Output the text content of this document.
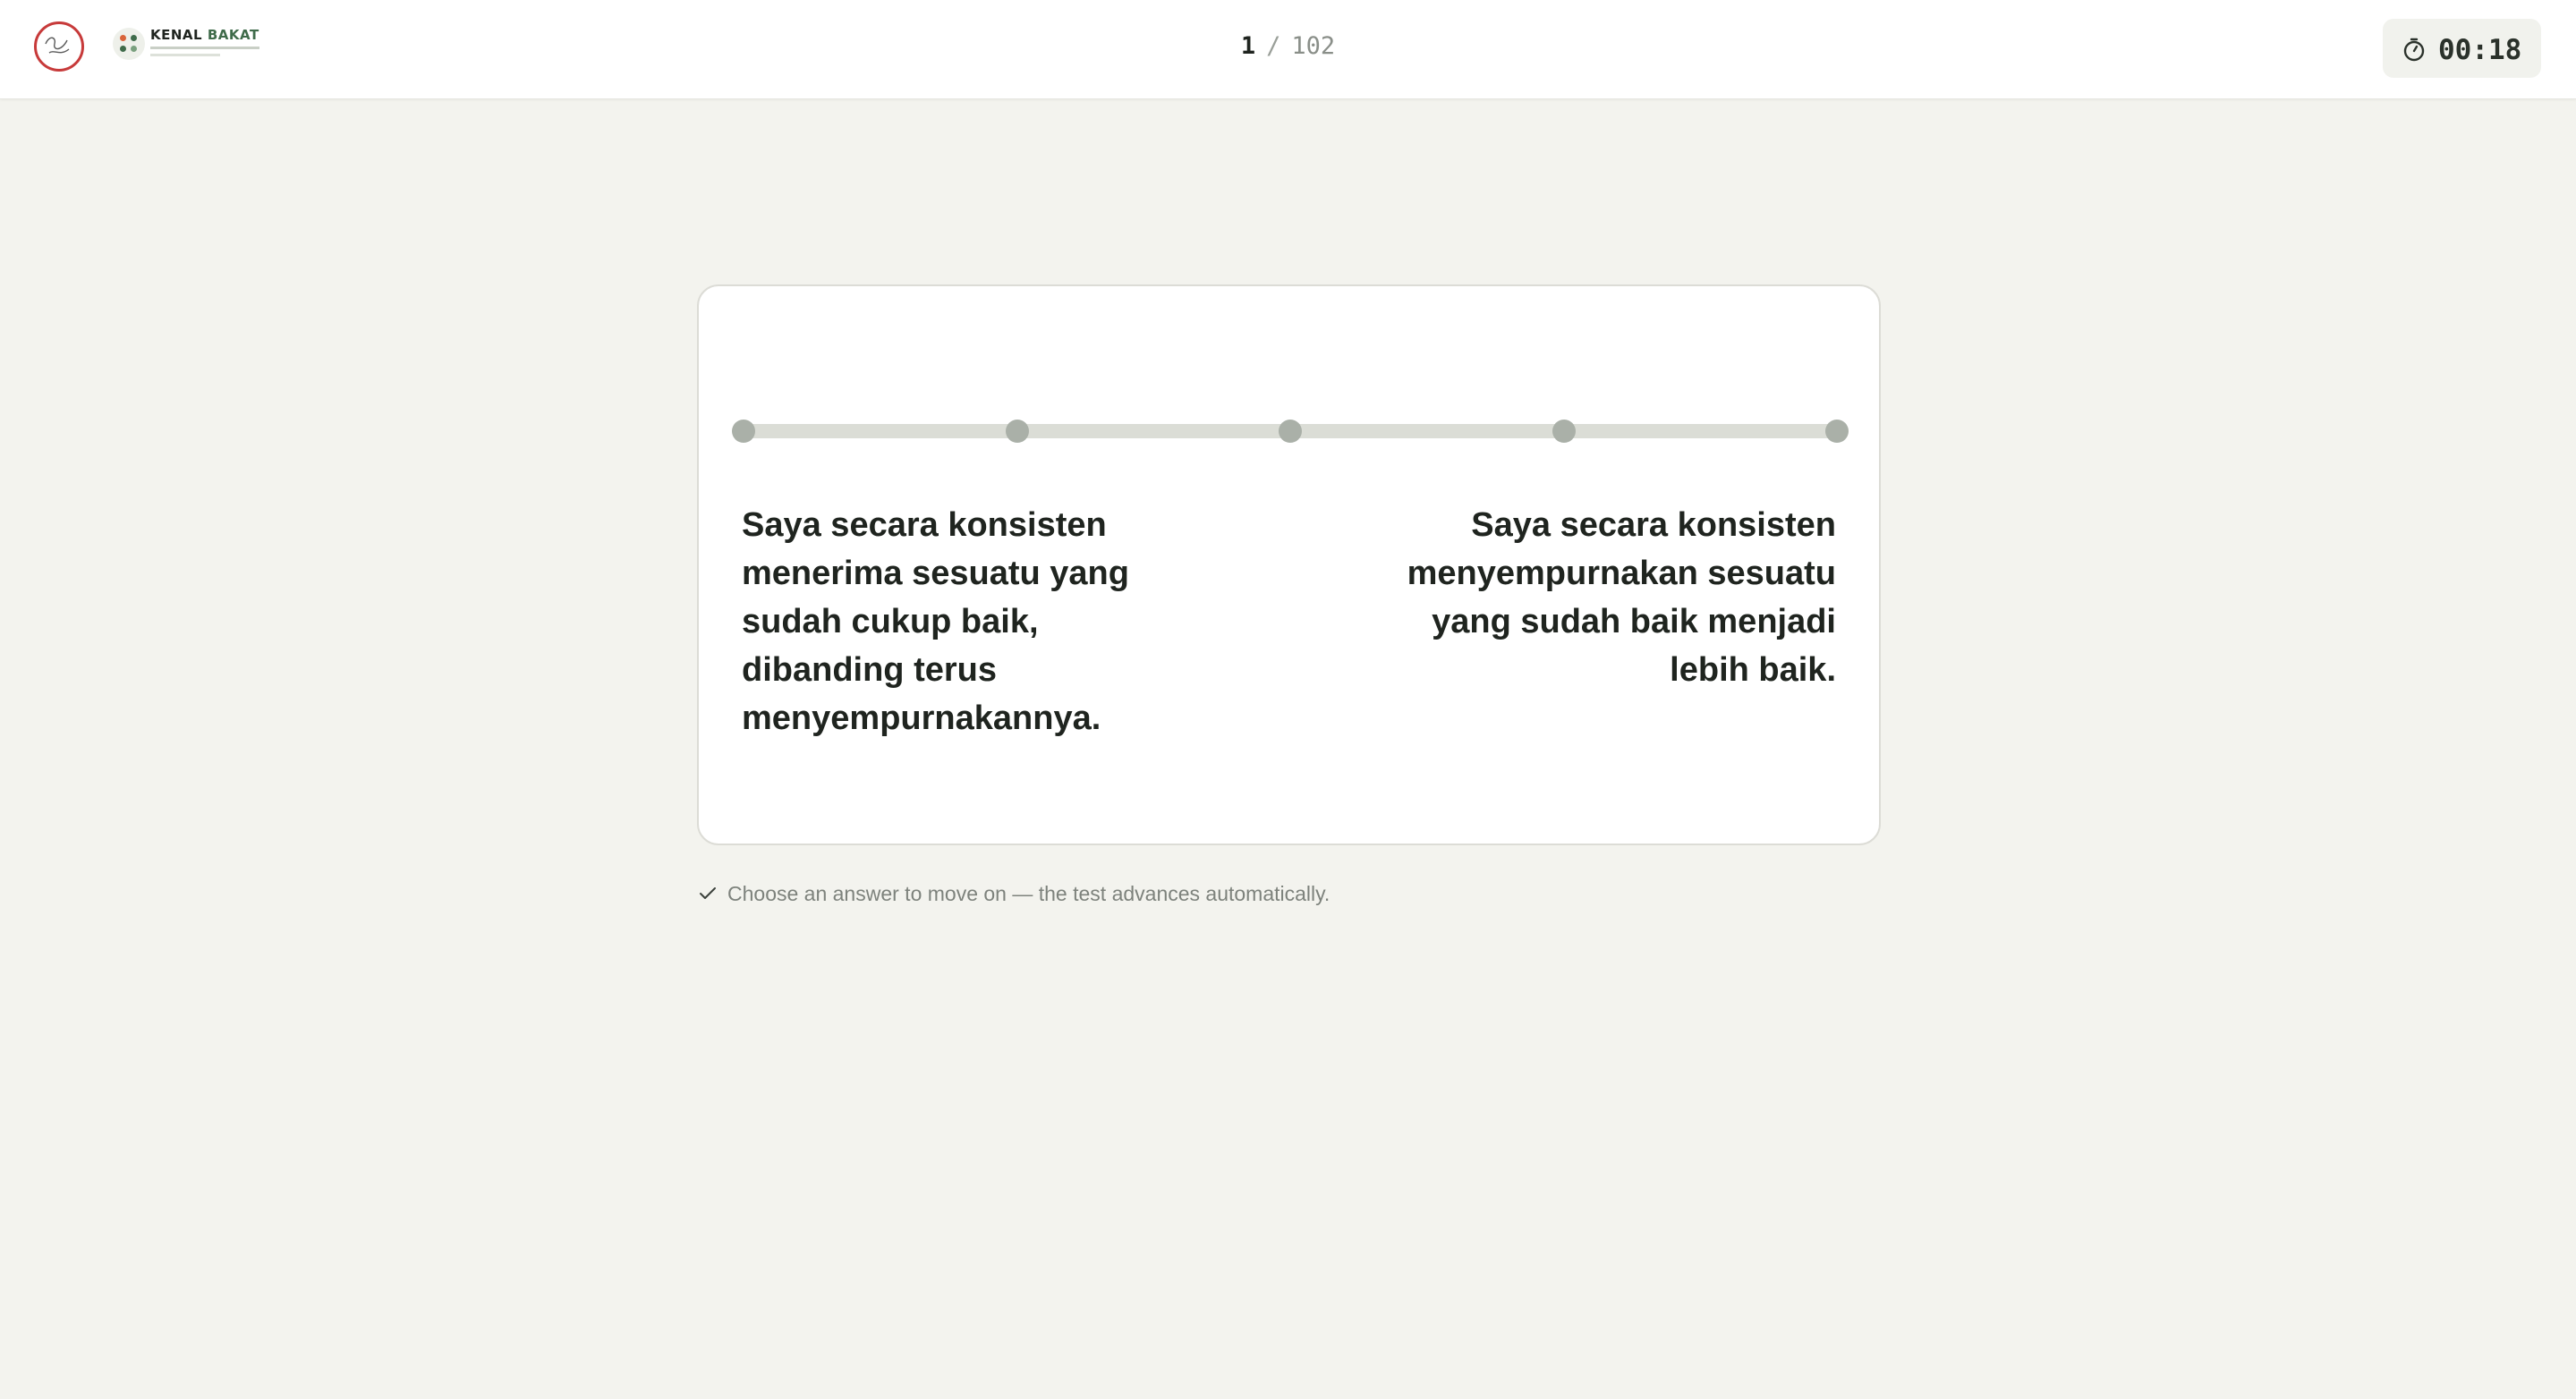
KENAL BAKAT	1 / 102	00:18
Saya secara konsisten menerima sesuatu yang sudah cukup baik, dibanding terus menyempurnakannya.
Saya secara konsisten menyempurnakan sesuatu yang sudah baik menjadi lebih baik.
Choose an answer to move on — the test advances automatically.
